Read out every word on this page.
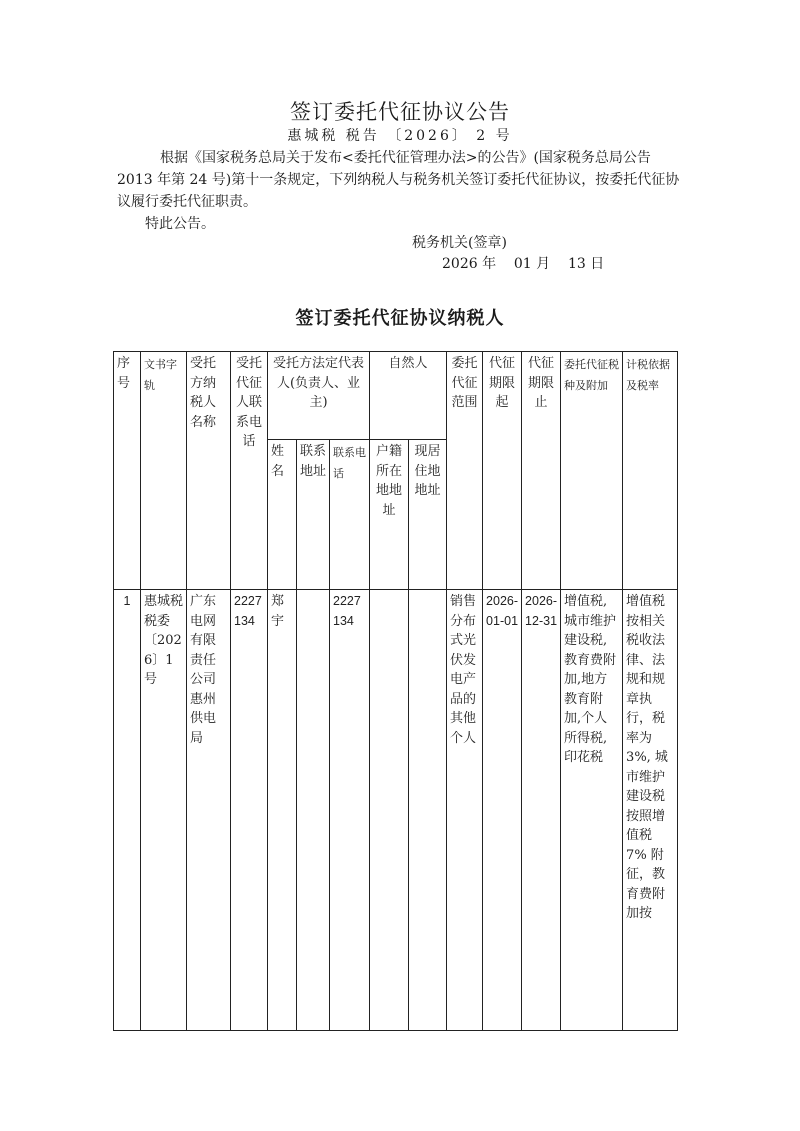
签订委托代征协议公告
惠城税 税告 〔2026〕 2 号
根据《国家税务总局关于发布<委托代征管理办法>的公告》(国家税务总局公告 2013 年第 24 号)第十一条规定，下列纳税人与税务机关签订委托代征协议，按委托代征协议履行委托代征职责。
特此公告。
税务机关(签章)
2026 年    01 月    13 日
签订委托代征协议纳税人
序号	文书字轨	受托方纳税人名称	受托代征人联系电话	受托方法定代表人(负责人、业主)			自然人		委托代征范围	代征期限起	代征期限止	委托代征税种及附加	计税依据及税率
				姓名	联系地址	联系电话	户籍所在地地址	现居住地地址					
1	惠城税税委〔2026〕1 号	广东电网有限责任公司惠州供电局	2227134	郑宇		2227134			销售分布式光伏发电产品的其他个人	2026-01-01	2026-12-31	增值税,城市维护建设税,教育费附加,地方教育附加,个人所得税,印花税	增值税按相关税收法律、法规和规章执行，税率为 3%, 城市维护建设税按照增值税 7% 附征，教育费附加按
